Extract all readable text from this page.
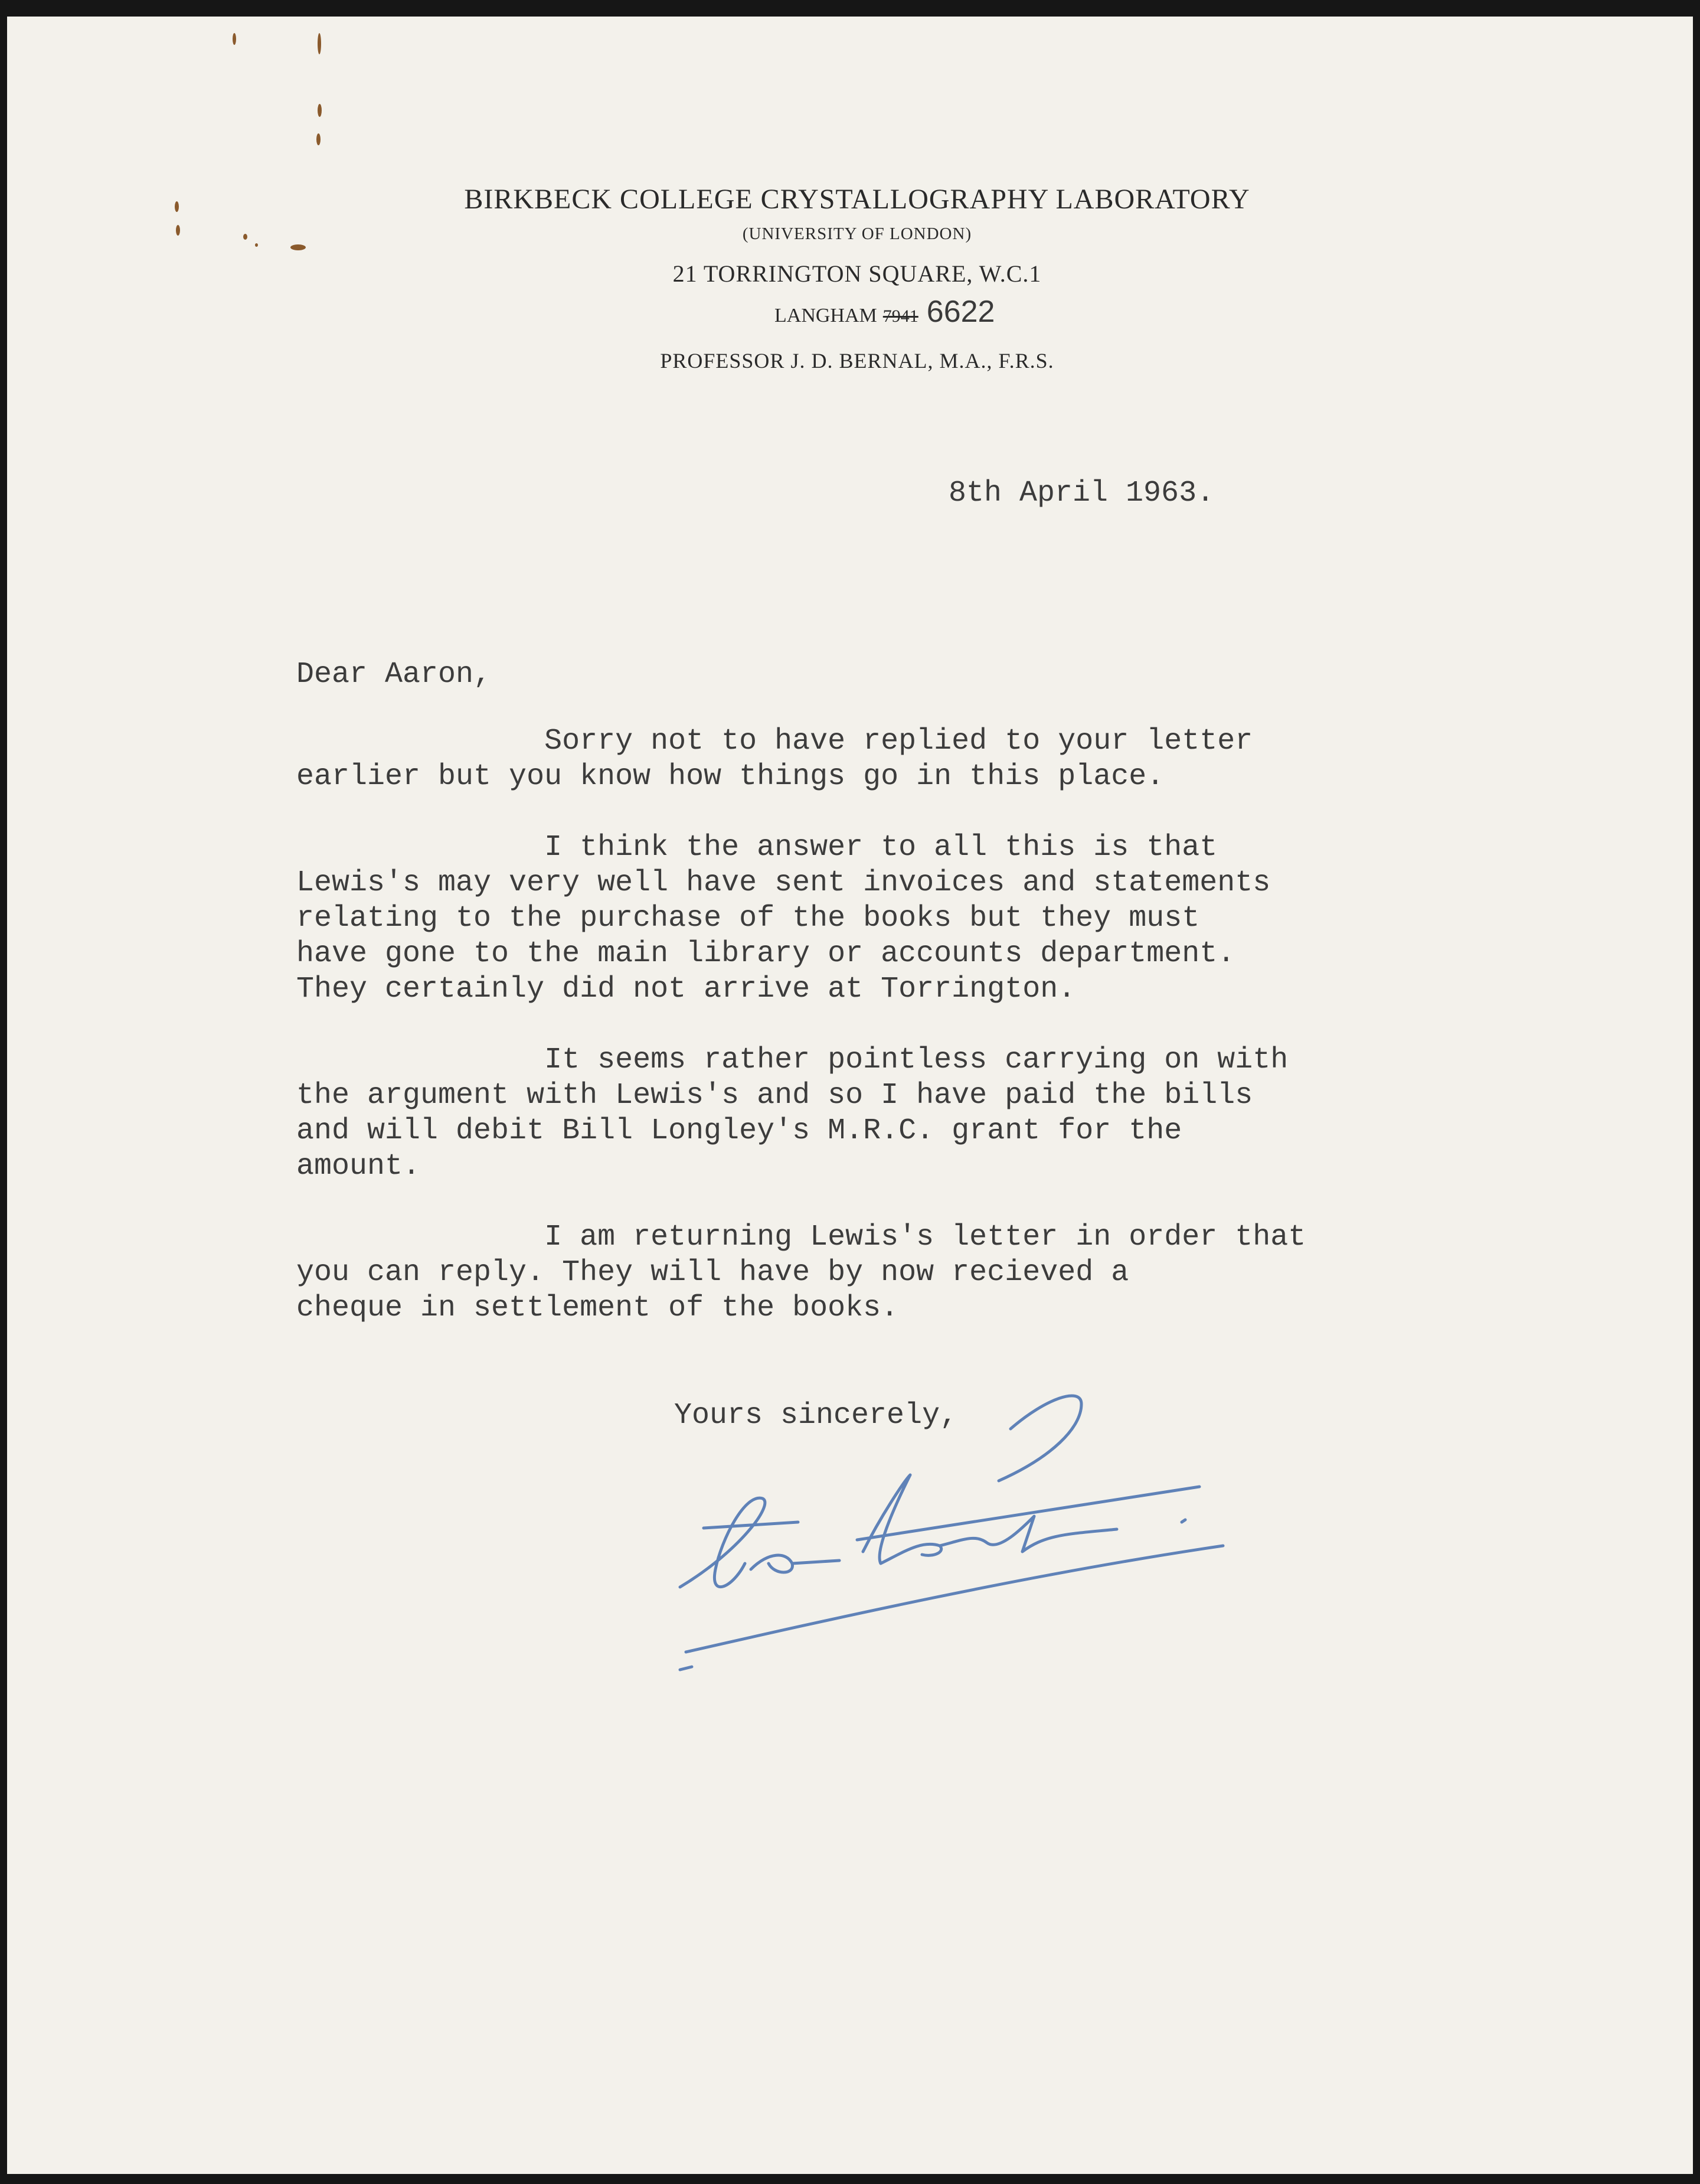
BIRKBECK COLLEGE CRYSTALLOGRAPHY LABORATORY
(UNIVERSITY OF LONDON)
21 TORRINGTON SQUARE, W.C.1
LANGHAM 7941 6622
PROFESSOR J. D. BERNAL, M.A., F.R.S.
8th April 1963.
Dear Aaron,
Sorry not to have replied to your letter
earlier but you know how things go in this place.
I think the answer to all this is that
Lewis's may very well have sent invoices and statements
relating to the purchase of the books but they must
have gone to the main library or accounts department.
They certainly did not arrive at Torrington.
It seems rather pointless carrying on with
the argument with Lewis's and so I have paid the bills
and will debit Bill Longley's M.R.C. grant for the
amount.
I am returning Lewis's letter in order that
you can reply. They will have by now recieved a
cheque in settlement of the books.
Yours sincerely,
